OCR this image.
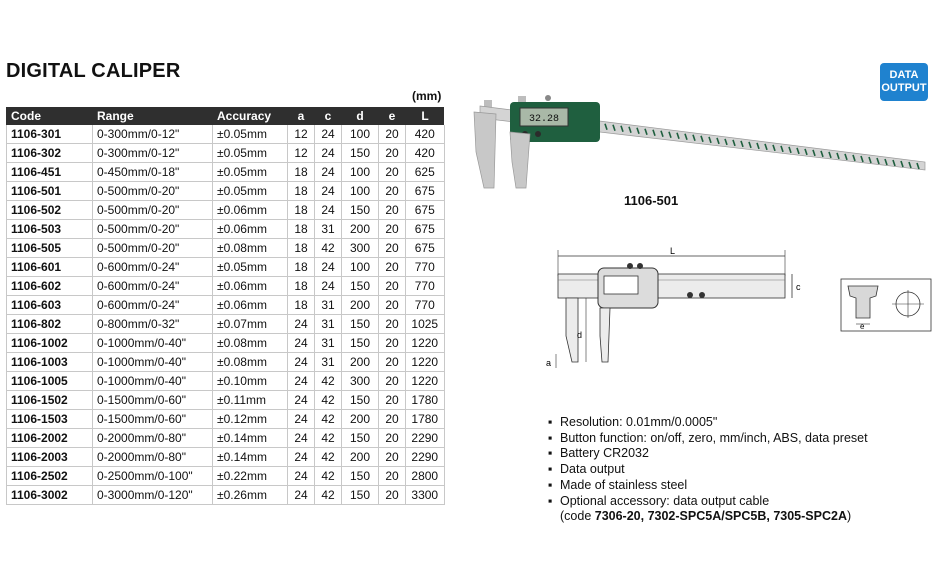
DIGITAL CALIPER
(mm)
DATA
OUTPUT
Code	Range	Accuracy	a	c	d	e	L
1106-301	0-300mm/0-12"	±0.05mm	12	24	100	20	420
1106-302	0-300mm/0-12"	±0.05mm	12	24	150	20	420
1106-451	0-450mm/0-18"	±0.05mm	18	24	100	20	625
1106-501	0-500mm/0-20"	±0.05mm	18	24	100	20	675
1106-502	0-500mm/0-20"	±0.06mm	18	24	150	20	675
1106-503	0-500mm/0-20"	±0.06mm	18	31	200	20	675
1106-505	0-500mm/0-20"	±0.08mm	18	42	300	20	675
1106-601	0-600mm/0-24"	±0.05mm	18	24	100	20	770
1106-602	0-600mm/0-24"	±0.06mm	18	24	150	20	770
1106-603	0-600mm/0-24"	±0.06mm	18	31	200	20	770
1106-802	0-800mm/0-32"	±0.07mm	24	31	150	20	1025
1106-1002	0-1000mm/0-40"	±0.08mm	24	31	150	20	1220
1106-1003	0-1000mm/0-40"	±0.08mm	24	31	200	20	1220
1106-1005	0-1000mm/0-40"	±0.10mm	24	42	300	20	1220
1106-1502	0-1500mm/0-60"	±0.11mm	24	42	150	20	1780
1106-1503	0-1500mm/0-60"	±0.12mm	24	42	200	20	1780
1106-2002	0-2000mm/0-80"	±0.14mm	24	42	150	20	2290
1106-2003	0-2000mm/0-80"	±0.14mm	24	42	200	20	2290
1106-2502	0-2500mm/0-100"	±0.22mm	24	42	150	20	2800
1106-3002	0-3000mm/0-120"	±0.26mm	24	42	150	20	3300
32.28
1106-501
L
c
d
a
e
▪ Resolution: 0.01mm/0.0005"
▪ Button function: on/off, zero, mm/inch, ABS, data preset
▪ Battery CR2032
▪ Data output
▪ Made of stainless steel
▪ Optional accessory: data output cable
(code 7306-20, 7302-SPC5A/SPC5B, 7305-SPC2A)
